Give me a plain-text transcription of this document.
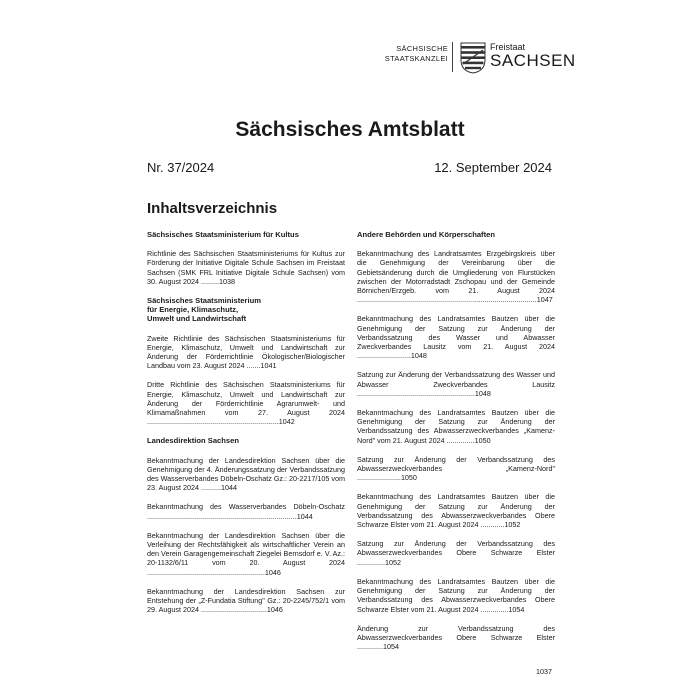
SÄCHSISCHE
STAATSKANZLEI
Freistaat
SACHSEN
Sächsisches Amtsblatt
Nr. 37/2024	12. September 2024
Inhaltsverzeichnis
Sächsisches Staatsministerium für Kultus
Richtlinie des Sächsischen Staatsministeriums für Kultus zur Förderung der Initiative Digitale Schule Sachsen im Freistaat Sachsen (SMK FRL Initiative Digitale Schule Sachsen) vom 30. August 2024 .........1038
Sächsisches Staatsministerium
für Energie, Klimaschutz,
Umwelt und Landwirtschaft
Zweite Richtlinie des Sächsischen Staatsministeriums für Energie, Klimaschutz, Umwelt und Landwirtschaft zur Änderung der Förderrichtlinie Ökologischer/Biologischer Landbau vom 23. August 2024 .......1041
Dritte Richtlinie des Sächsischen Staatsministeriums für Energie, Klimaschutz, Umwelt und Landwirtschaft zur Änderung der Förderrichtlinie Agrarumwelt- und Klimamaßnahmen vom 27. August 2024 ..................................................................1042
Landesdirektion Sachsen
Bekanntmachung der Landesdirektion Sachsen über die Genehmigung der 4. Änderungssatzung der Verbandssatzung des Wasserverbandes Döbeln-Oschatz Gz.: 20-2217/105 vom 23. August 2024 ..........1044
Bekanntmachung des Wasserverbandes Döbeln-Oschatz ...........................................................................1044
Bekanntmachung der Landesdirektion Sachsen über die Verleihung der Rechtsfähigkeit als wirtschaftlicher Verein an den Verein Garagengemeinschaft Ziegelei Bernsdorf e. V. Az.: 20-1132/6/11 vom 20. August 2024 ...........................................................1046
Bekanntmachung der Landesdirektion Sachsen zur Entstehung der „Z-Fundatia Stiftung" Gz.: 20-2245/752/1 vom 29. August 2024 .................................1046
Andere Behörden und Körperschaften
Bekanntmachung des Landratsamtes Erzgebirgskreis über die Genehmigung der Vereinbarung über die Gebietsänderung durch die Umgliederung von Flurstücken zwischen der Motorradstadt Zschopau und der Gemeinde Börnichen/Erzgeb. vom 21. August 2024 ..........................................................................................1047
Bekanntmachung des Landratsamtes Bautzen über die Genehmigung der Satzung zur Änderung der Verbandssatzung des Wasser und Abwasser Zweckverbandes Lausitz vom 21. August 2024 ...........................1048
Satzung zur Änderung der Verbandssatzung des Wasser und Abwasser Zweckverbandes Lausitz ...........................................................1048
Bekanntmachung des Landratsamtes Bautzen über die Genehmigung der Satzung zur Änderung der Verbandssatzung des Abwasserzweckverbandes „Kamenz-Nord" vom 21. August 2024 ..............1050
Satzung zur Änderung der Verbandssatzung des Abwasserzweckverbandes „Kamenz-Nord" ......................1050
Bekanntmachung des Landratsamtes Bautzen über die Genehmigung der Satzung zur Änderung der Verbandssatzung des Abwasserzweckverbandes Obere Schwarze Elster vom 21. August 2024 ............1052
Satzung zur Änderung der Verbandssatzung des Abwasserzweckverbandes Obere Schwarze Elster ..............1052
Bekanntmachung des Landratsamtes Bautzen über die Genehmigung der Satzung zur Änderung der Verbandssatzung des Abwasserzweckverbandes Obere Schwarze Elster vom 21. August 2024 ..............1054
Änderung zur Verbandssatzung des Abwasserzweckverbandes Obere Schwarze Elster .............1054
1037
